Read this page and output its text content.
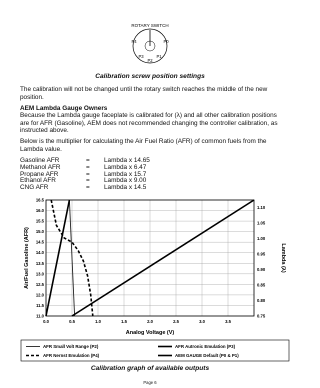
ROTARY SWITCH
P4	P0
P3	P1
P2
Calibration screw position settings
The calibration will not be changed until the rotary switch reaches the middle of the new position.
AEM Lambda Gauge Owners
Because the Lambda gauge faceplate is calibrated for (λ) and all other calibration positions are for AFR (Gasoline), AEM does not recommended changing the controller calibration, as instructed above.
Below is the multiplier for calculating the Air Fuel Ratio (AFR) of common fuels from the Lambda value.
Gasoline AFR	=	Lambda x 14.65
Methanol AFR	=	Lambda x 6.47
Propane AFR	=	Lambda x 15.7
Ethanol AFR	=	Lambda x 9.00
CNG AFR	=	Lambda x 14.5
0.0	0.5	1.0	1.5	2.0	2.5	3.0	3.5
11.0
11.5
12.0
12.5
13.0
13.5
14.0
14.5
15.0
15.5
16.0
16.5
0.75
0.80
0.85
0.90
0.95
1.00
1.05
1.10
Analog Voltage (V)
Air/Fuel Gasoline (AFR)	Lambda (λ)
AFR Small Volt Range (P2)
AFR Nernst Emulation (P4)
AFR Autronic Emulation (P3)
AEM GAUGE Default (P0 & P1)
Calibration graph of available outputs
Page 6
